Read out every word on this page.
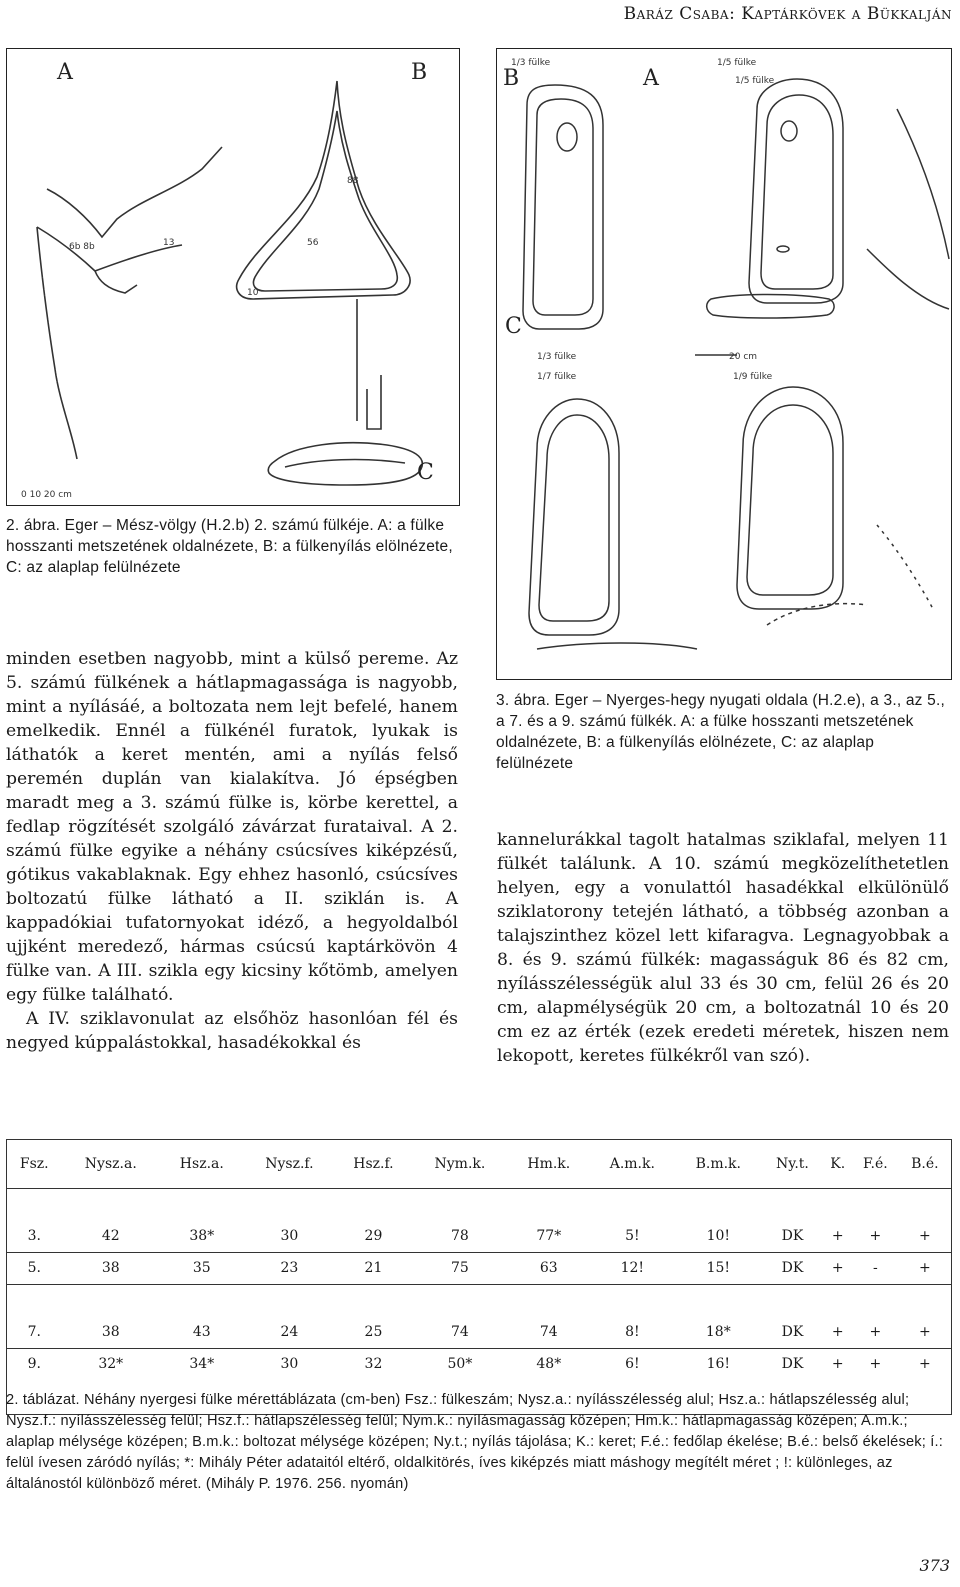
Baráz Csaba: Kaptárkövek a Bükkalján
6b 8b	13
88
56
10
0 10 20 cm
A	B
C
2. ábra. Eger – Mész-völgy (H.2.b) 2. számú fülkéje. A: a fülke hosszanti metszetének oldalnézete, B: a fülkenyílás elölnézete, C: az alaplap felülnézete
1/3 fülke
1/5 fülke
1/7 fülke	1/9 fülke
1/3 fülke	1/5 fülke
20 cm
B	A
C
3. ábra. Eger – Nyerges-hegy nyugati oldala (H.2.e), a 3., az 5., a 7. és a 9. számú fülkék. A: a fülke hosszanti metszetének oldalnézete, B: a fülkenyílás elölnézete, C: az alaplap felülnézete

minden esetben nagyobb, mint a külső pereme. Az 5. számú fülkének a hátlapmagassága is nagyobb, mint a nyílásáé, a boltozata nem lejt befelé, hanem emelkedik. Ennél a fülkénél furatok, lyukak is láthatók a keret mentén, ami a nyílás felső peremén duplán van kialakítva. Jó épségben maradt meg a 3. számú fülke is, körbe kerettel, a fedlap rögzítését szolgáló závárzat furataival. A 2. számú fülke egyike a néhány csúcsíves kiképzésű, gótikus vakablaknak. Egy ehhez hasonló, csúcsíves boltozatú fülke látható a II. sziklán is. A kappadókiai tufatornyokat idéző, a hegyoldalból ujjként meredező, hármas csúcsú kaptárkövön 4 fülke van. A III. szikla egy kicsiny kőtömb, amelyen egy fülke található.

A IV. sziklavonulat az elsőhöz hasonlóan fél és negyed kúppalástokkal, hasadékokkal és

kannelurákkal tagolt hatalmas sziklafal, melyen 11 fülkét találunk. A 10. számú megközelíthetetlen helyen, egy a vonulattól hasadékkal elkülönülő sziklatorony tetején látható, a többség azonban a talajszinthez közel lett kifaragva. Legnagyobbak a 8. és 9. számú fülkék: magasságuk 86 és 82 cm, nyílásszélességük alul 33 és 30 cm, felül 26 és 20 cm, alapmélységük 20 cm, a boltozatnál 10 és 20 cm ez az érték (ezek eredeti méretek, hiszen nem lekopott, keretes fülkékről van szó).

Fsz.	Nysz.a.	Hsz.a.	Nysz.f.	Hsz.f.	Nym.k.	Hm.k.	A.m.k.	B.m.k.	Ny.t.	K.	F.é.	B.é.

3.	42	38*	30	29	78	77*	5!	10!	DK	+	+	+
5.	38	35	23	21	75	63	12!	15!	DK	+	-	+

7.	38	43	24	25	74	74	8!	18*	DK	+	+	+
9.	32*	34*	30	32	50*	48*	6!	16!	DK	+	+	+

2. táblázat. Néhány nyergesi fülke mérettáblázata (cm-ben) Fsz.: fülkeszám; Nysz.a.: nyílásszélesség alul; Hsz.a.: hátlapszélesség alul; Nysz.f.: nyílásszélesség felül; Hsz.f.: hátlapszélesség felül; Nym.k.: nyílásmagasság középen; Hm.k.: hátlapmagasság középen; A.m.k.; alaplap mélysége középen; B.m.k.: boltozat mélysége középen; Ny.t.; nyílás tájolása; K.: keret; F.é.: fedőlap ékelése; B.é.: belső ékelések; í.: felül ívesen záródó nyílás; *: Mihály Péter adataitól eltérő, oldalkitörés, íves kiképzés miatt máshogy megítélt méret ; !: különleges, az általánostól különböző méret. (Mihály P. 1976. 256. nyomán)
373
